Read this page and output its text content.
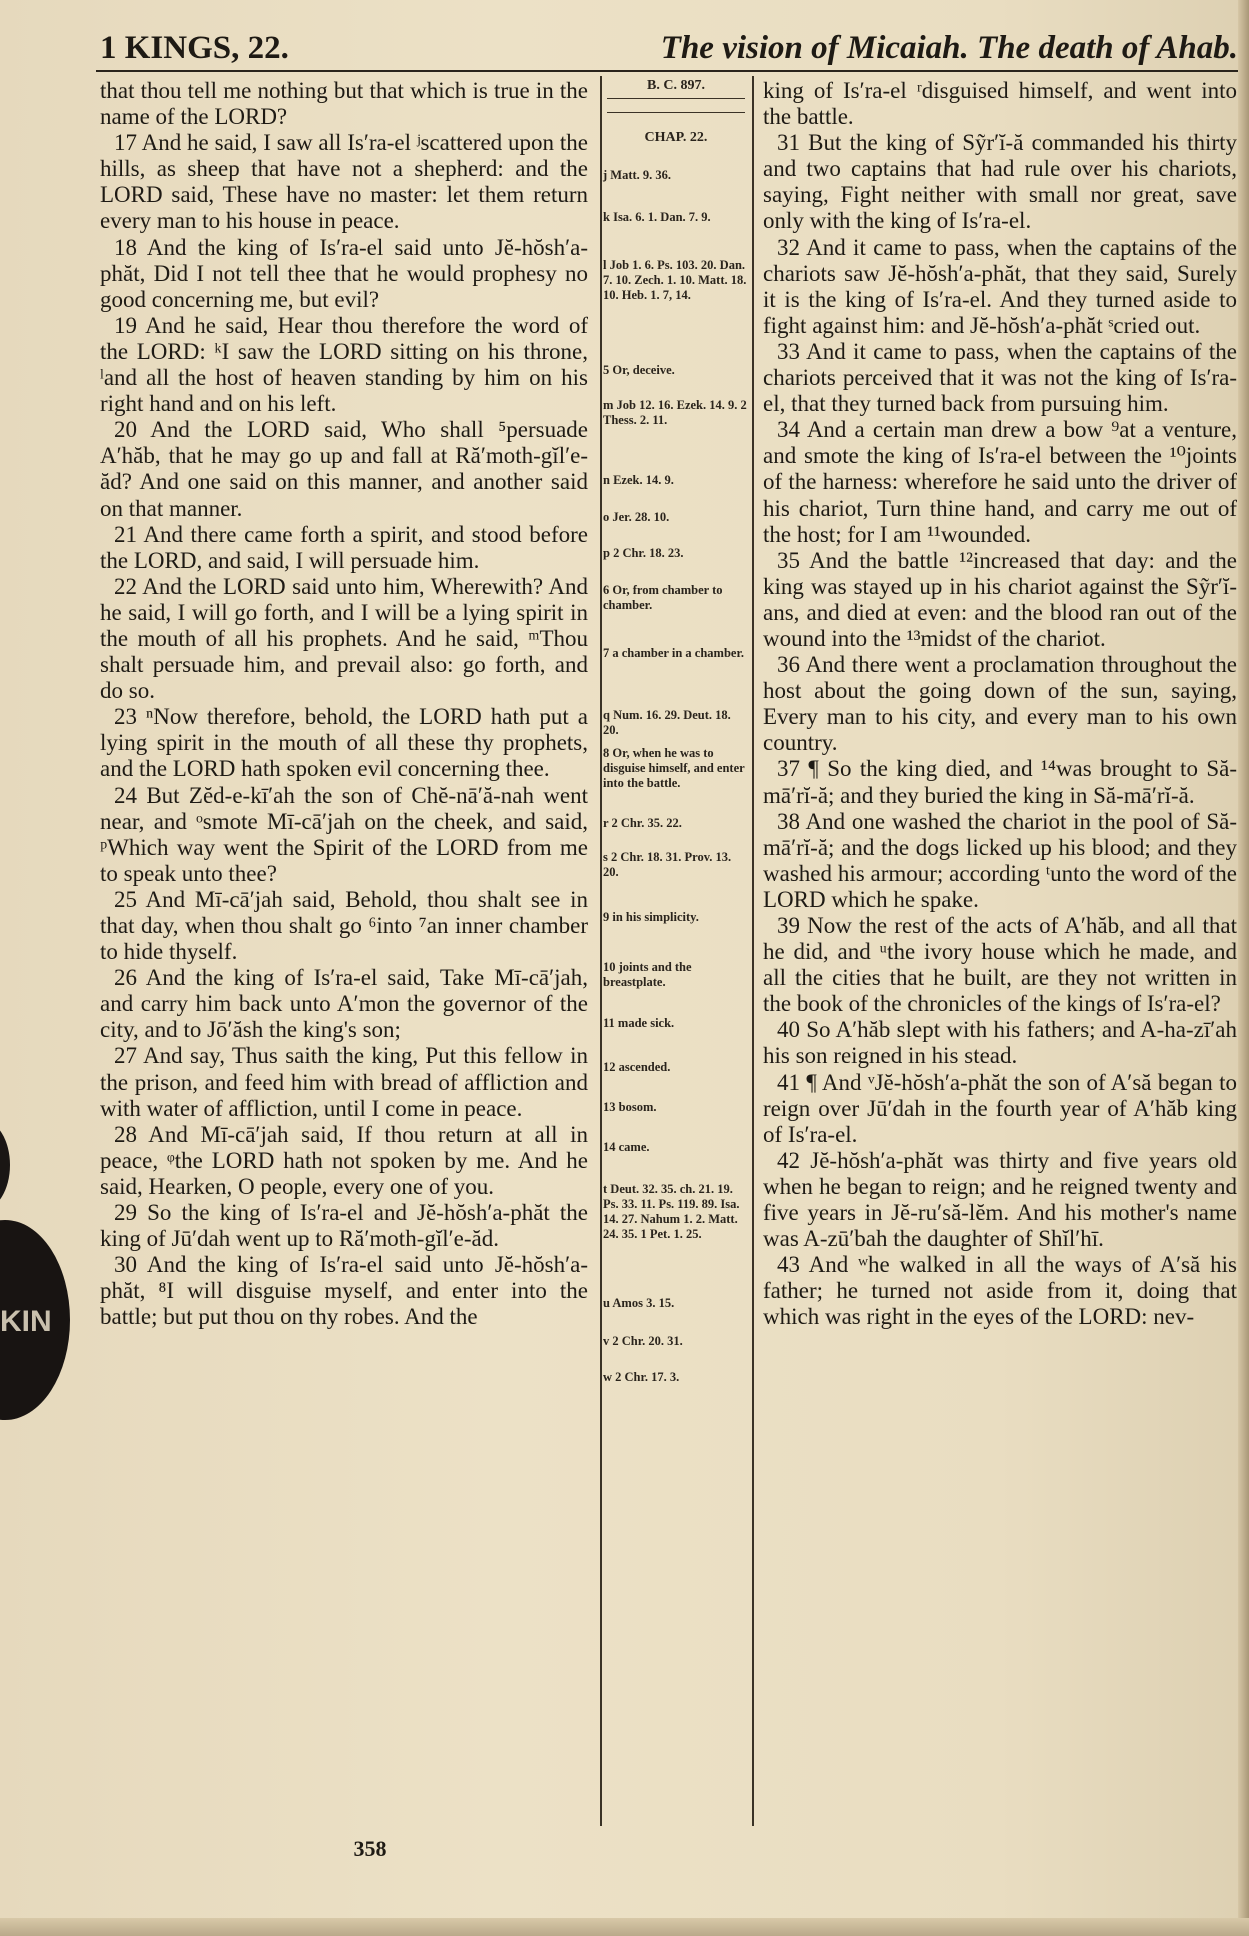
KIN
1 KINGS, 22.	The vision of Micaiah. The death of Ahab.

that thou tell me nothing but that which is true in the name of the LORD?

17 And he said, I saw all Is′ra-el ʲscattered upon the hills, as sheep that have not a shepherd: and the LORD said, These have no master: let them return every man to his house in peace.

18 And the king of Is′ra-el said unto Jĕ-hŏsh′a-phăt, Did I not tell thee that he would prophesy no good concerning me, but evil?

19 And he said, Hear thou therefore the word of the LORD: ᵏI saw the LORD sitting on his throne, ˡand all the host of heaven standing by him on his right hand and on his left.

20 And the LORD said, Who shall ⁵persuade A′hăb, that he may go up and fall at Ră′moth-gĭl′e-ăd? And one said on this manner, and another said on that manner.

21 And there came forth a spirit, and stood before the LORD, and said, I will persuade him.

22 And the LORD said unto him, Wherewith? And he said, I will go forth, and I will be a lying spirit in the mouth of all his prophets. And he said, ᵐThou shalt persuade him, and prevail also: go forth, and do so.

23 ⁿNow therefore, behold, the LORD hath put a lying spirit in the mouth of all these thy prophets, and the LORD hath spoken evil concerning thee.

24 But Zĕd-e-kī′ah the son of Chĕ-nā′ă-nah went near, and ᵒsmote Mī-cā′jah on the cheek, and said, ᵖWhich way went the Spirit of the LORD from me to speak unto thee?

25 And Mī-cā′jah said, Behold, thou shalt see in that day, when thou shalt go ⁶into ⁷an inner chamber to hide thyself.

26 And the king of Is′ra-el said, Take Mī-cā′jah, and carry him back unto A′mon the governor of the city, and to Jō′ăsh the king's son;

27 And say, Thus saith the king, Put this fellow in the prison, and feed him with bread of affliction and with water of affliction, until I come in peace.

28 And Mī-cā′jah said, If thou return at all in peace, ᵠthe LORD hath not spoken by me. And he said, Hearken, O people, every one of you.

29 So the king of Is′ra-el and Jĕ-hŏsh′a-phăt the king of Jū′dah went up to Ră′moth-gĭl′e-ăd.

30 And the king of Is′ra-el said unto Jĕ-hŏsh′a-phăt, ⁸I will disguise myself, and enter into the battle; but put thou on thy robes. And the

B. C. 897.
CHAP. 22.
j Matt. 9. 36.
k Isa. 6. 1. Dan. 7. 9.
l Job 1. 6. Ps. 103. 20. Dan. 7. 10. Zech. 1. 10. Matt. 18. 10. Heb. 1. 7, 14.
5 Or, deceive.
m Job 12. 16. Ezek. 14. 9. 2 Thess. 2. 11.
n Ezek. 14. 9.
o Jer. 28. 10.
p 2 Chr. 18. 23.
6 Or, from chamber to chamber.
7 a chamber in a chamber.
q Num. 16. 29. Deut. 18. 20.
8 Or, when he was to disguise himself, and enter into the battle.
r 2 Chr. 35. 22.
s 2 Chr. 18. 31. Prov. 13. 20.
9 in his simplicity.
10 joints and the breastplate.
11 made sick.
12 ascended.
13 bosom.
14 came.
t Deut. 32. 35. ch. 21. 19. Ps. 33. 11. Ps. 119. 89. Isa. 14. 27. Nahum 1. 2. Matt. 24. 35. 1 Pet. 1. 25.
u Amos 3. 15.
v 2 Chr. 20. 31.
w 2 Chr. 17. 3.

king of Is′ra-el ʳdisguised himself, and went into the battle.

31 But the king of Sỹr′ĭ-ă commanded his thirty and two captains that had rule over his chariots, saying, Fight neither with small nor great, save only with the king of Is′ra-el.

32 And it came to pass, when the captains of the chariots saw Jĕ-hŏsh′a-phăt, that they said, Surely it is the king of Is′ra-el. And they turned aside to fight against him: and Jĕ-hŏsh′a-phăt ˢcried out.

33 And it came to pass, when the captains of the chariots perceived that it was not the king of Is′ra-el, that they turned back from pursuing him.

34 And a certain man drew a bow ⁹at a venture, and smote the king of Is′ra-el between the ¹⁰joints of the harness: wherefore he said unto the driver of his chariot, Turn thine hand, and carry me out of the host; for I am ¹¹wounded.

35 And the battle ¹²increased that day: and the king was stayed up in his chariot against the Sỹr′ĭ-ans, and died at even: and the blood ran out of the wound into the ¹³midst of the chariot.

36 And there went a proclamation throughout the host about the going down of the sun, saying, Every man to his city, and every man to his own country.

37 ¶ So the king died, and ¹⁴was brought to Să-mā′rĭ-ă; and they buried the king in Să-mā′rĭ-ă.

38 And one washed the chariot in the pool of Să-mā′rĭ-ă; and the dogs licked up his blood; and they washed his armour; according ᵗunto the word of the LORD which he spake.

39 Now the rest of the acts of A′hăb, and all that he did, and ᵘthe ivory house which he made, and all the cities that he built, are they not written in the book of the chronicles of the kings of Is′ra-el?

40 So A′hăb slept with his fathers; and A-ha-zī′ah his son reigned in his stead.

41 ¶ And ᵛJĕ-hŏsh′a-phăt the son of A′să began to reign over Jū′dah in the fourth year of A′hăb king of Is′ra-el.

42 Jĕ-hŏsh′a-phăt was thirty and five years old when he began to reign; and he reigned twenty and five years in Jĕ-ru′să-lĕm. And his mother's name was A-zū′bah the daughter of Shĭl′hī.

43 And ʷhe walked in all the ways of A′să his father; he turned not aside from it, doing that which was right in the eyes of the LORD: nev-

358
